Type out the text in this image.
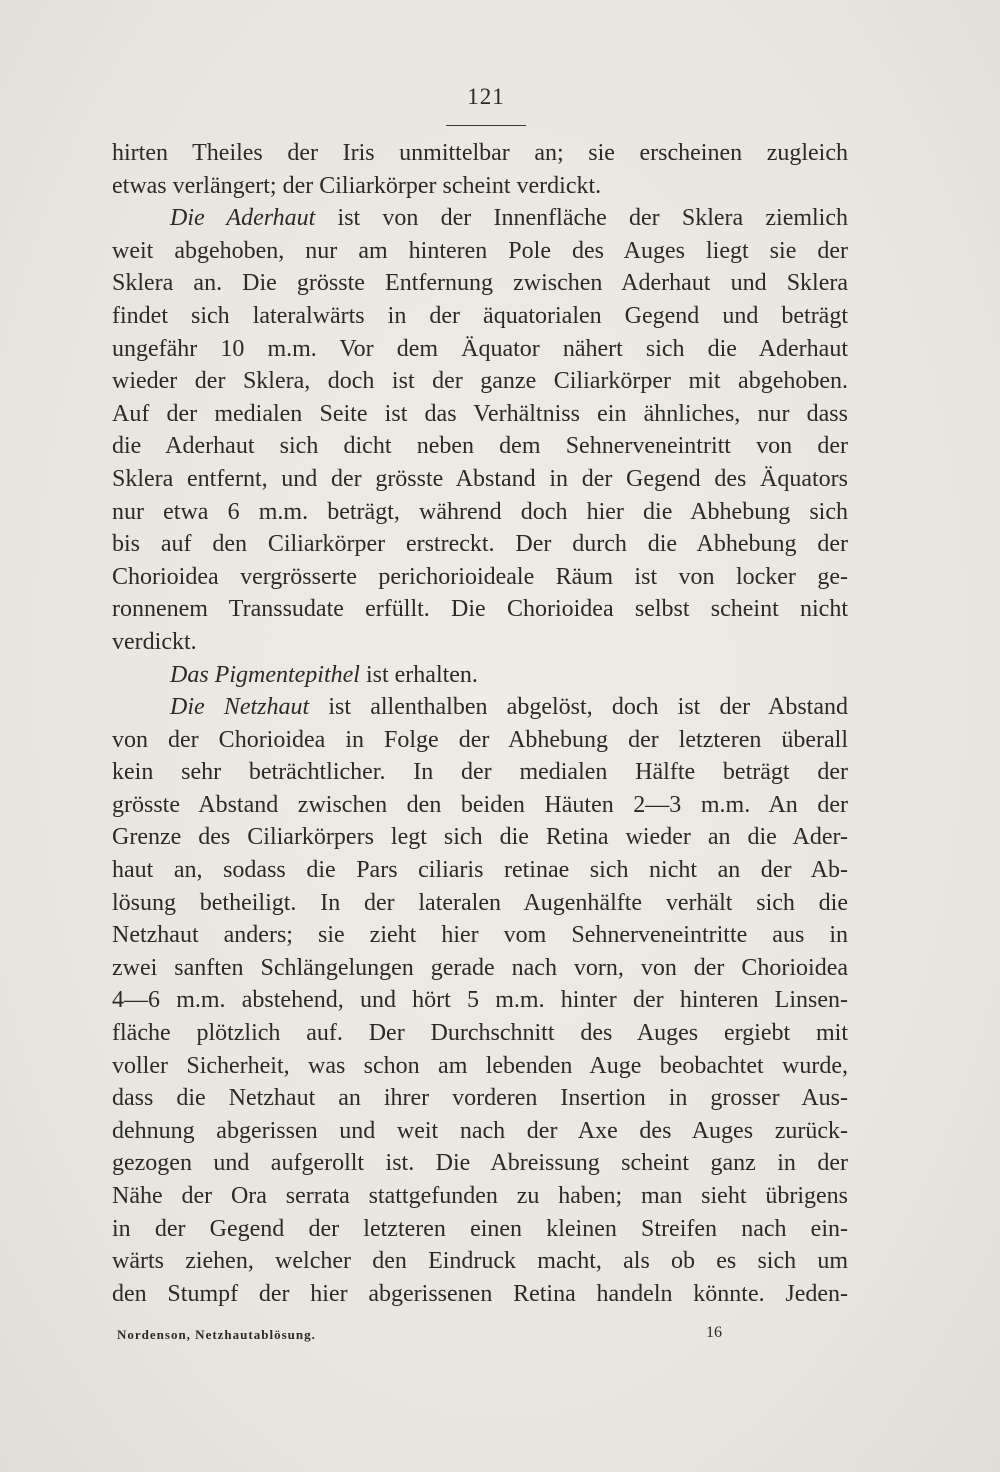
121
hirten Theiles der Iris unmittelbar an; sie erscheinen zugleich
etwas verlängert; der Ciliarkörper scheint verdickt.
Die Aderhaut ist von der Innenfläche der Sklera ziemlich
weit abgehoben, nur am hinteren Pole des Auges liegt sie der
Sklera an. Die grösste Entfernung zwischen Aderhaut und Sklera
findet sich lateralwärts in der äquatorialen Gegend und beträgt
ungefähr 10 m.m. Vor dem Äquator nähert sich die Aderhaut
wieder der Sklera, doch ist der ganze Ciliarkörper mit abgehoben.
Auf der medialen Seite ist das Verhältniss ein ähnliches, nur dass
die Aderhaut sich dicht neben dem Sehnerveneintritt von der
Sklera entfernt, und der grösste Abstand in der Gegend des Äquators
nur etwa 6 m.m. beträgt, während doch hier die Abhebung sich
bis auf den Ciliarkörper erstreckt. Der durch die Abhebung der
Chorioidea vergrösserte perichorioideale Räum ist von locker ge-
ronnenem Transsudate erfüllt. Die Chorioidea selbst scheint nicht
verdickt.
Das Pigmentepithel ist erhalten.
Die Netzhaut ist allenthalben abgelöst, doch ist der Abstand
von der Chorioidea in Folge der Abhebung der letzteren überall
kein sehr beträchtlicher. In der medialen Hälfte beträgt der
grösste Abstand zwischen den beiden Häuten 2—3 m.m. An der
Grenze des Ciliarkörpers legt sich die Retina wieder an die Ader-
haut an, sodass die Pars ciliaris retinae sich nicht an der Ab-
lösung betheiligt. In der lateralen Augenhälfte verhält sich die
Netzhaut anders; sie zieht hier vom Sehnerveneintritte aus in
zwei sanften Schlängelungen gerade nach vorn, von der Chorioidea
4—6 m.m. abstehend, und hört 5 m.m. hinter der hinteren Linsen-
fläche plötzlich auf. Der Durchschnitt des Auges ergiebt mit
voller Sicherheit, was schon am lebenden Auge beobachtet wurde,
dass die Netzhaut an ihrer vorderen Insertion in grosser Aus-
dehnung abgerissen und weit nach der Axe des Auges zurück-
gezogen und aufgerollt ist. Die Abreissung scheint ganz in der
Nähe der Ora serrata stattgefunden zu haben; man sieht übrigens
in der Gegend der letzteren einen kleinen Streifen nach ein-
wärts ziehen, welcher den Eindruck macht, als ob es sich um
den Stumpf der hier abgerissenen Retina handeln könnte. Jeden-
Nordenson, Netzhautablösung.	16
